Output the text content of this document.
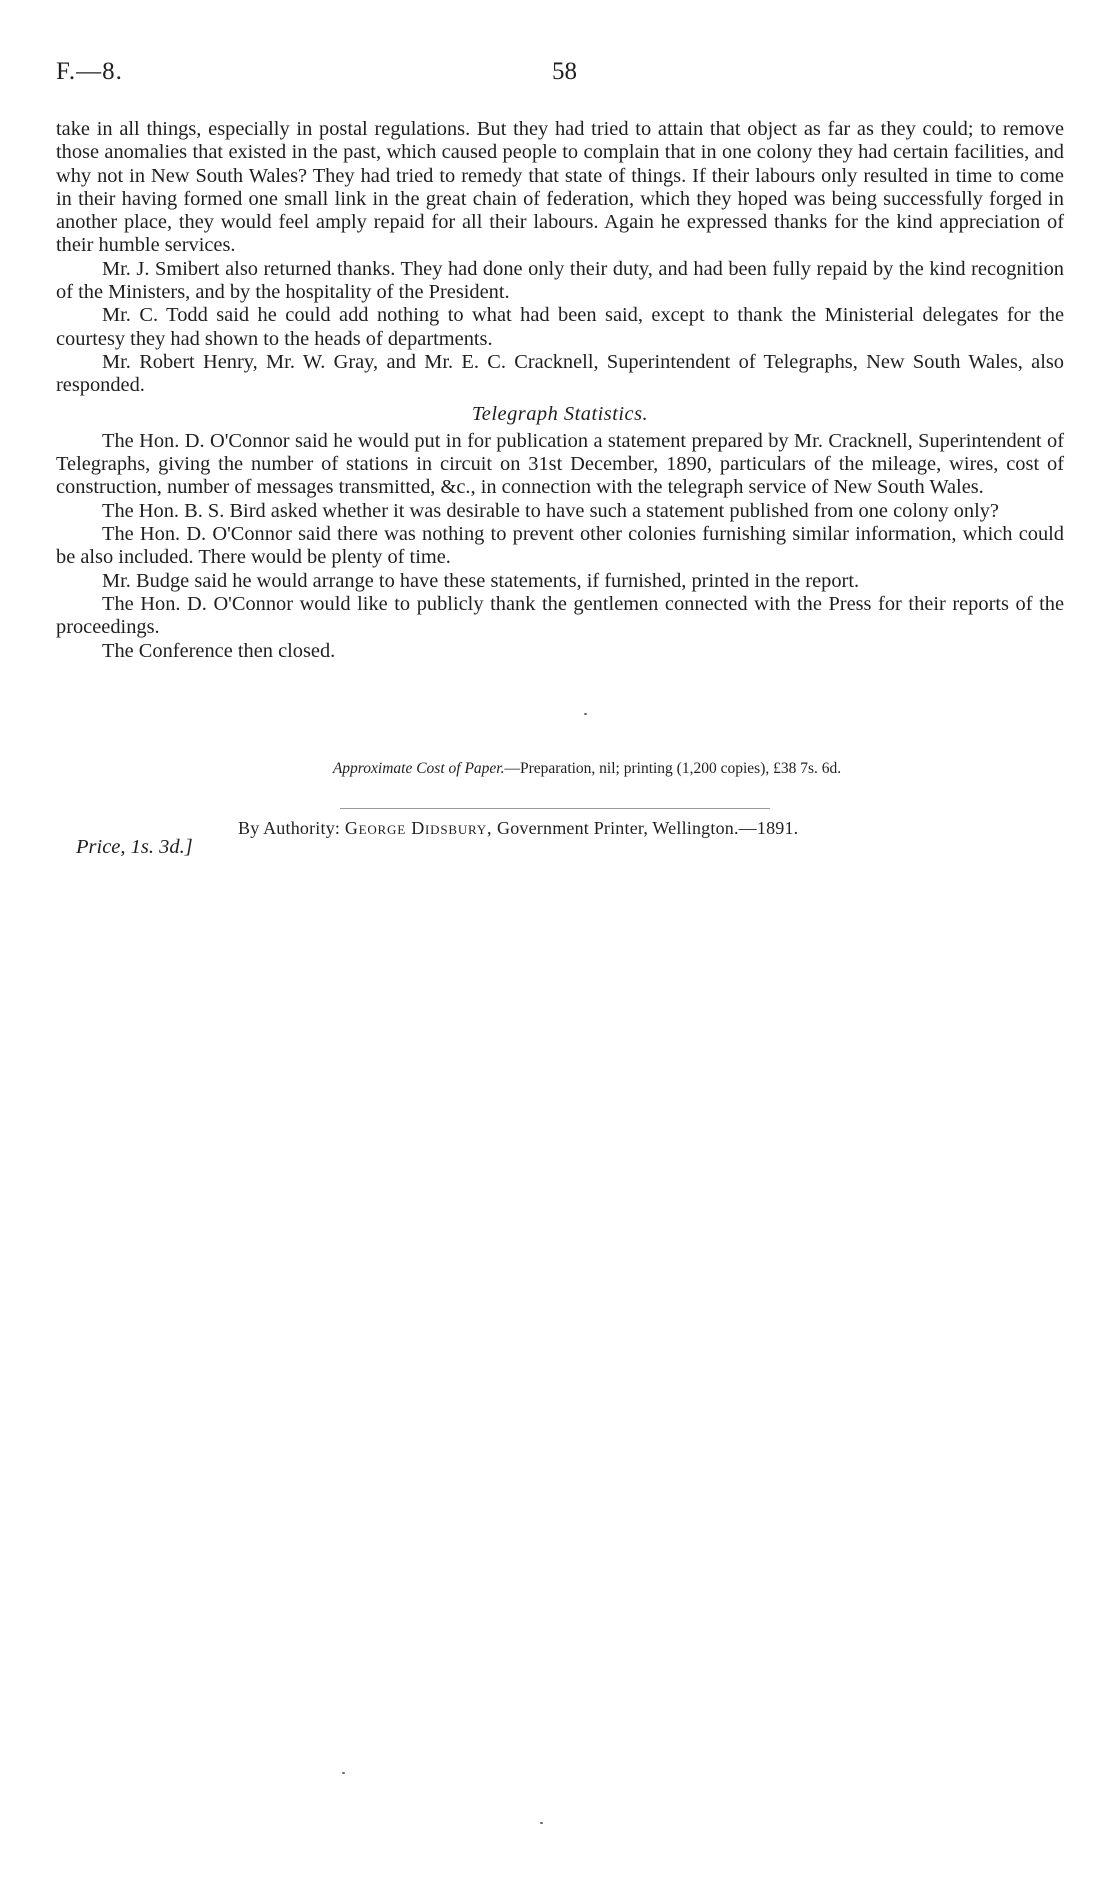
F.—8.	58

take in all things, especially in postal regulations. But they had tried to attain that object as far as they could; to remove those anomalies that existed in the past, which caused people to complain that in one colony they had certain facilities, and why not in New South Wales? They had tried to remedy that state of things. If their labours only resulted in time to come in their having formed one small link in the great chain of federation, which they hoped was being successfully forged in another place, they would feel amply repaid for all their labours. Again he expressed thanks for the kind appreciation of their humble services.

Mr. J. Smibert also returned thanks. They had done only their duty, and had been fully repaid by the kind recognition of the Ministers, and by the hospitality of the President.

Mr. C. Todd said he could add nothing to what had been said, except to thank the Ministerial delegates for the courtesy they had shown to the heads of departments.

Mr. Robert Henry, Mr. W. Gray, and Mr. E. C. Cracknell, Superintendent of Telegraphs, New South Wales, also responded.

Telegraph Statistics.

The Hon. D. O'Connor said he would put in for publication a statement prepared by Mr. Cracknell, Superintendent of Telegraphs, giving the number of stations in circuit on 31st December, 1890, particulars of the mileage, wires, cost of construction, number of messages transmitted, &c., in connection with the telegraph service of New South Wales.

The Hon. B. S. Bird asked whether it was desirable to have such a statement published from one colony only?

The Hon. D. O'Connor said there was nothing to prevent other colonies furnishing similar information, which could be also included. There would be plenty of time.

Mr. Budge said he would arrange to have these statements, if furnished, printed in the report.

The Hon. D. O'Connor would like to publicly thank the gentlemen connected with the Press for their reports of the proceedings.

The Conference then closed.

Approximate Cost of Paper.—Preparation, nil; printing (1,200 copies), £38 7s. 6d.
By Authority: George Didsbury, Government Printer, Wellington.—1891.
Price, 1s. 3d.]
